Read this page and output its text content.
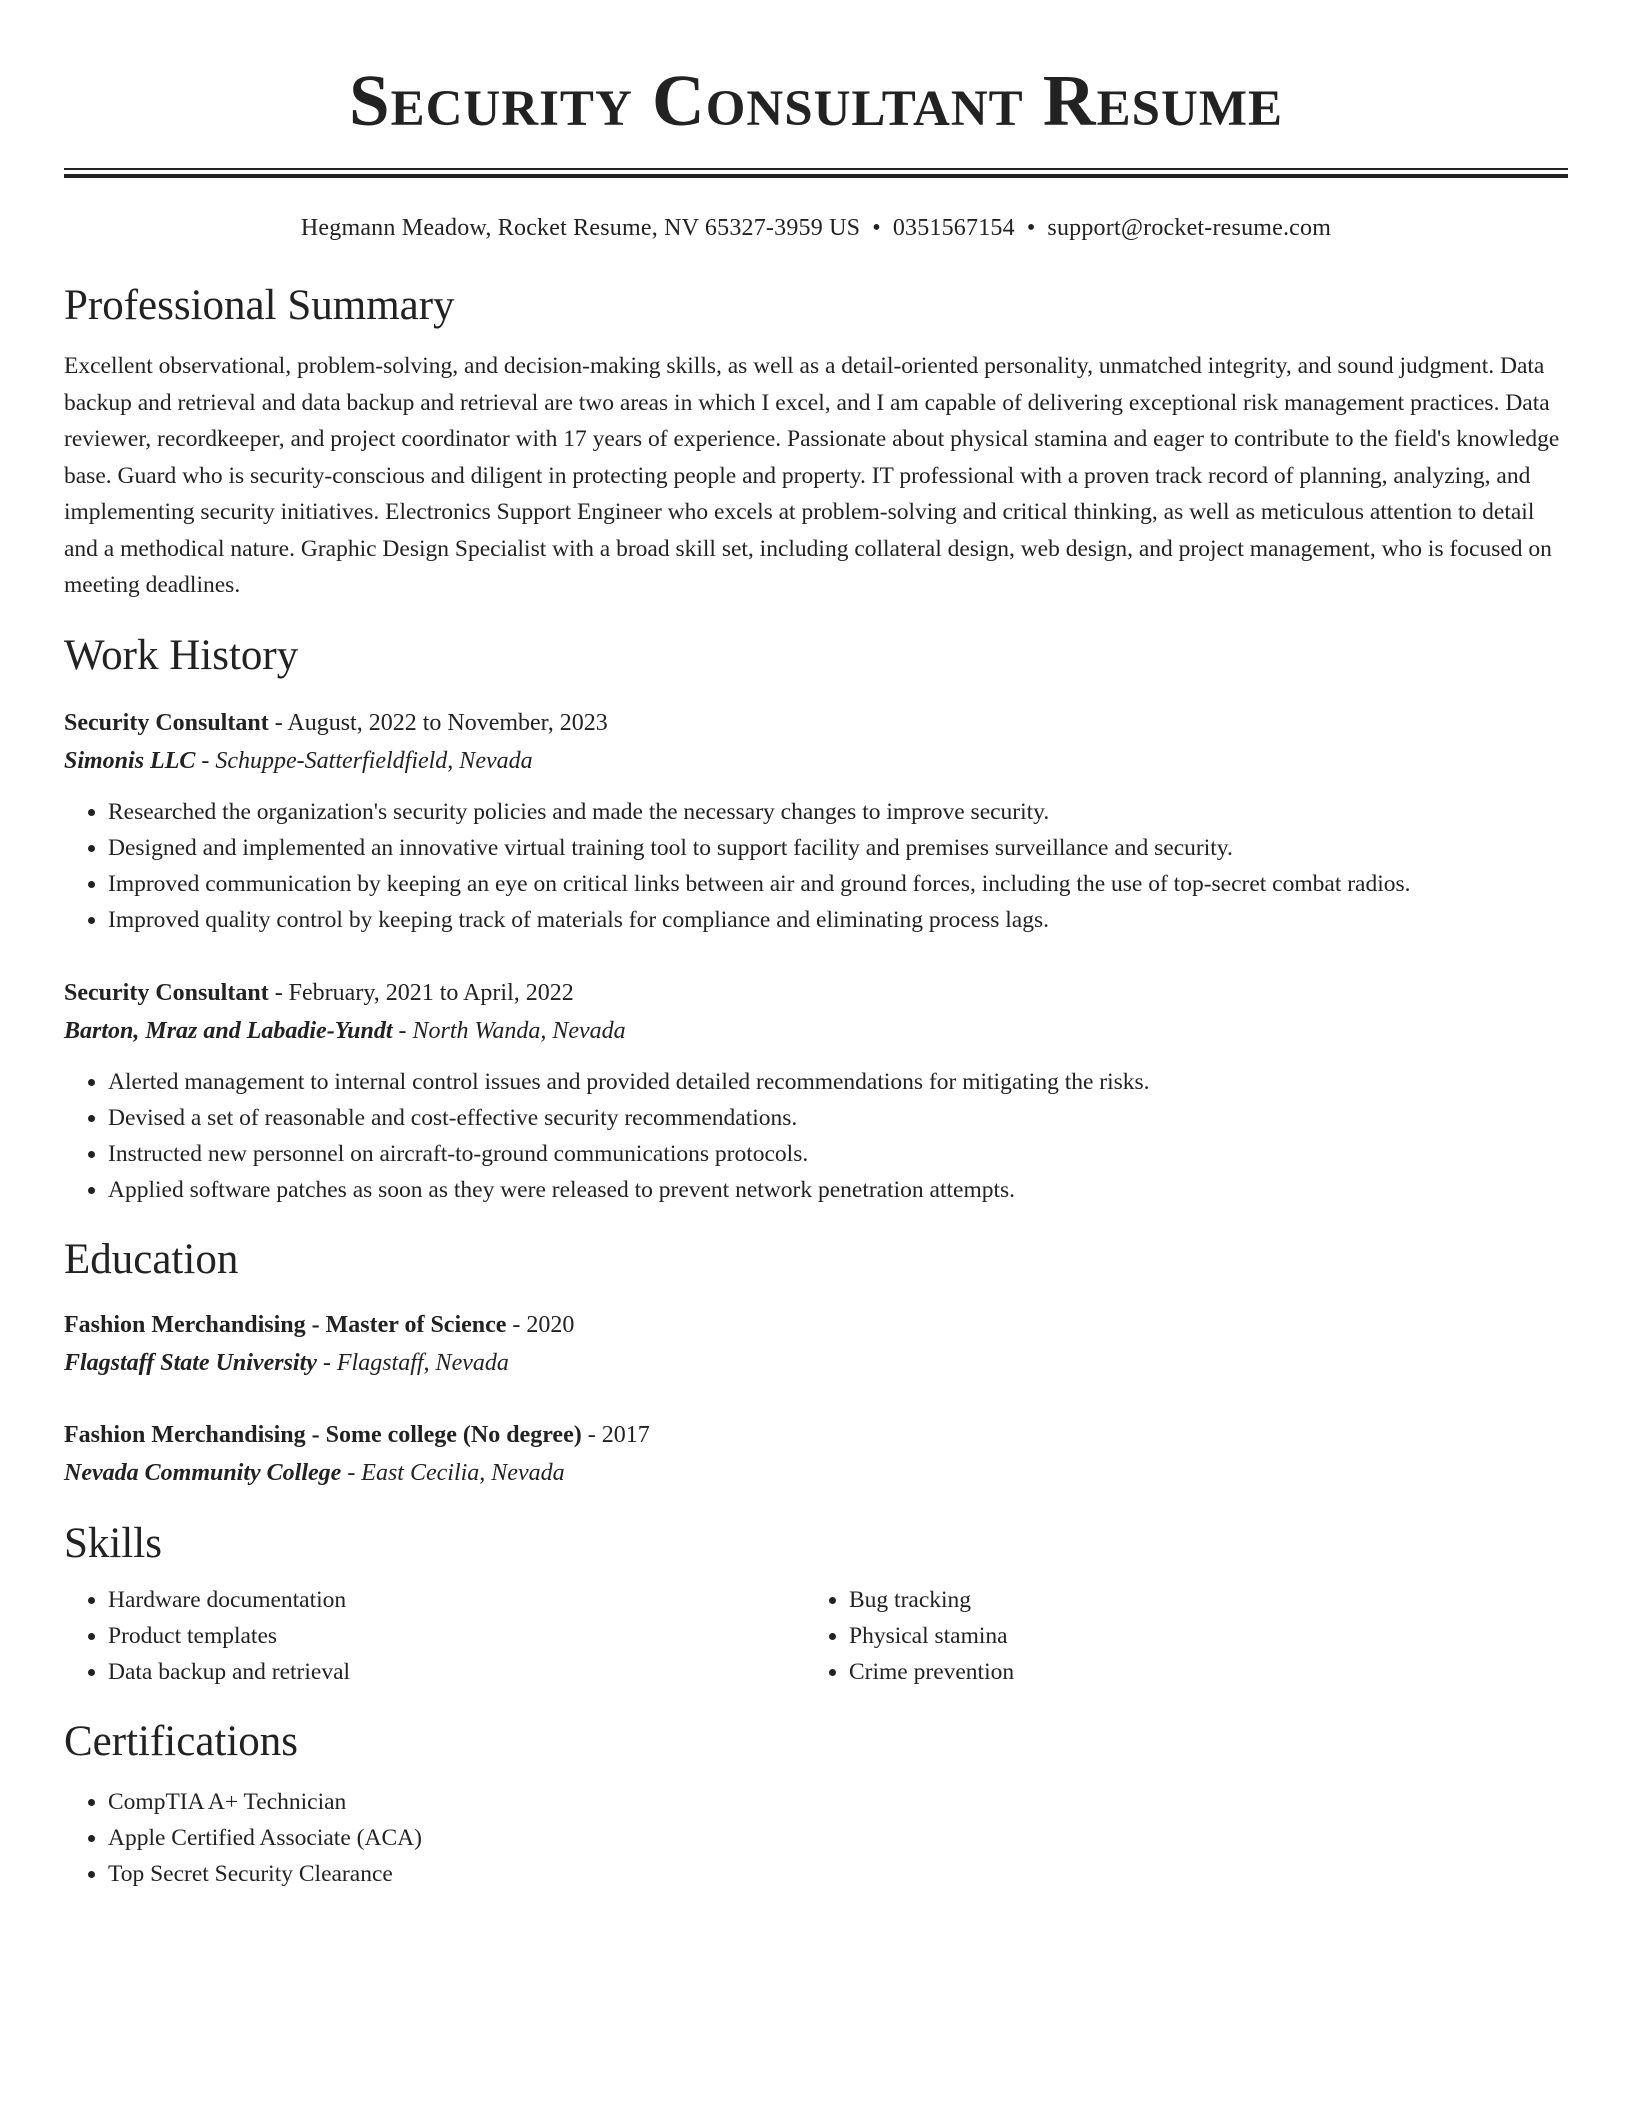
Security Consultant Resume
Hegmann Meadow, Rocket Resume, NV 65327-3959 US • 0351567154 • support@rocket-resume.com
Professional Summary
Excellent observational, problem-solving, and decision-making skills, as well as a detail-oriented personality, unmatched integrity, and sound judgment. Data backup and retrieval and data backup and retrieval are two areas in which I excel, and I am capable of delivering exceptional risk management practices. Data reviewer, recordkeeper, and project coordinator with 17 years of experience. Passionate about physical stamina and eager to contribute to the field's knowledge base. Guard who is security-conscious and diligent in protecting people and property. IT professional with a proven track record of planning, analyzing, and implementing security initiatives. Electronics Support Engineer who excels at problem-solving and critical thinking, as well as meticulous attention to detail and a methodical nature. Graphic Design Specialist with a broad skill set, including collateral design, web design, and project management, who is focused on meeting deadlines.
Work History
Security Consultant - August, 2022 to November, 2023
Simonis LLC - Schuppe-Satterfieldfield, Nevada
• Researched the organization's security policies and made the necessary changes to improve security.
• Designed and implemented an innovative virtual training tool to support facility and premises surveillance and security.
• Improved communication by keeping an eye on critical links between air and ground forces, including the use of top-secret combat radios.
• Improved quality control by keeping track of materials for compliance and eliminating process lags.
Security Consultant - February, 2021 to April, 2022
Barton, Mraz and Labadie-Yundt - North Wanda, Nevada
• Alerted management to internal control issues and provided detailed recommendations for mitigating the risks.
• Devised a set of reasonable and cost-effective security recommendations.
• Instructed new personnel on aircraft-to-ground communications protocols.
• Applied software patches as soon as they were released to prevent network penetration attempts.
Education
Fashion Merchandising - Master of Science - 2020
Flagstaff State University - Flagstaff, Nevada
Fashion Merchandising - Some college (No degree) - 2017
Nevada Community College - East Cecilia, Nevada
Skills
• Hardware documentation
• Product templates
• Data backup and retrieval
• Bug tracking
• Physical stamina
• Crime prevention
Certifications
• CompTIA A+ Technician
• Apple Certified Associate (ACA)
• Top Secret Security Clearance
